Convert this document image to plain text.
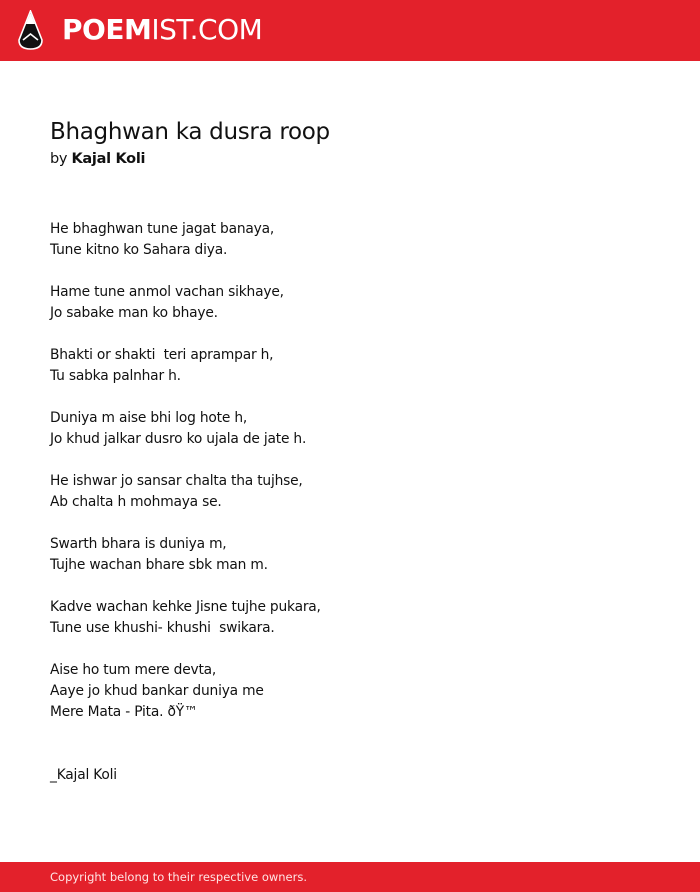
POEMIST.COM
Bhaghwan ka dusra roop
by Kajal Koli
He bhaghwan tune jagat banaya,
Tune kitno ko Sahara diya.
Hame tune anmol vachan sikhaye,
Jo sabake man ko bhaye.
Bhakti or shakti  teri aprampar h,
Tu sabka palnhar h.
Duniya m aise bhi log hote h,
Jo khud jalkar dusro ko ujala de jate h.
He ishwar jo sansar chalta tha tujhse,
Ab chalta h mohmaya se.
Swarth bhara is duniya m,
Tujhe wachan bhare sbk man m.
Kadve wachan kehke Jisne tujhe pukara,
Tune use khushi- khushi  swikara.
Aise ho tum mere devta,
Aaye jo khud bankar duniya me
Mere Mata - Pita. ðŸ™
_Kajal Koli
Copyright belong to their respective owners.
